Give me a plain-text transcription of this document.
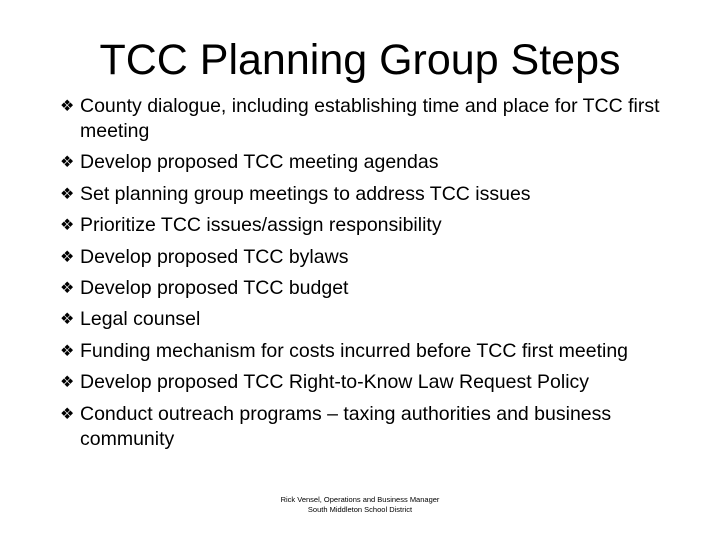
TCC Planning Group Steps
❖ County dialogue, including establishing time and place for TCC first meeting
❖ Develop proposed TCC meeting agendas
❖ Set planning group meetings to address TCC issues
❖ Prioritize TCC issues/assign responsibility
❖ Develop proposed TCC bylaws
❖ Develop proposed TCC budget
❖ Legal counsel
❖ Funding mechanism for costs incurred before TCC first meeting
❖ Develop proposed TCC Right-to-Know Law Request Policy
❖ Conduct outreach programs – taxing authorities and business community
Rick Vensel, Operations and Business Manager
South Middleton School District
